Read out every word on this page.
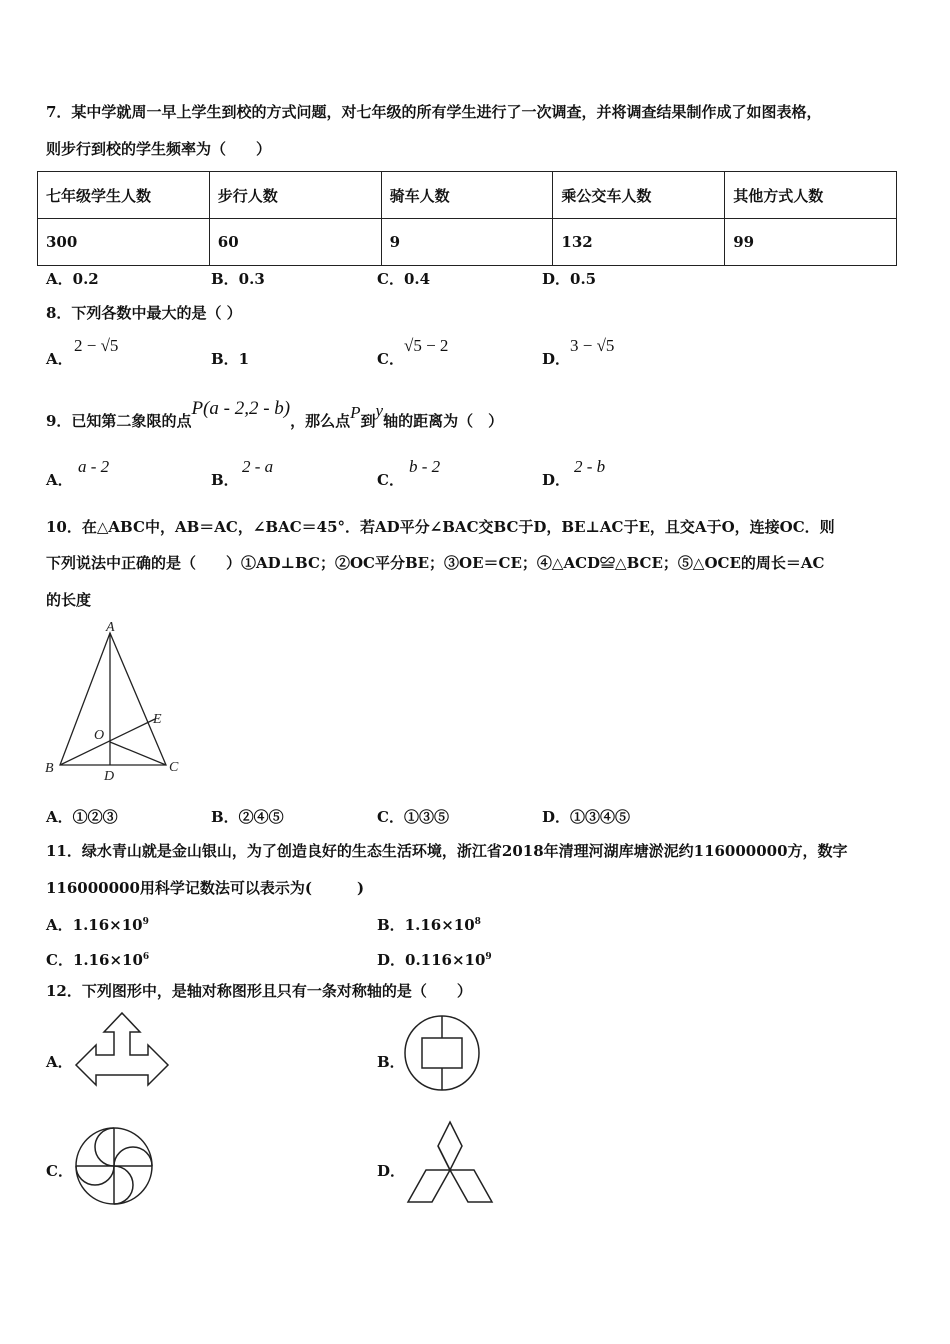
7．某中学就周一早上学生到校的方式问题，对七年级的所有学生进行了一次调查，并将调查结果制作成了如图表格，
则步行到校的学生频率为（　　）
七年级学生人数	步行人数	骑车人数	乘公交车人数	其他方式人数
300	60	9	132	99
A．0.2	B．0.3	C．0.4	D．0.5
8．下列各数中最大的是（ ）
A．
2 − √5
B．1	C．
√5 − 2
D．
3 − √5
9．已知第二象限的点P(a - 2,2 - b)，那么点P到y轴的距离为（　）
A．
a - 2
B．
2 - a
C．
b - 2
D．
2 - b
10．在△ABC中，AB＝AC，∠BAC＝45°．若AD平分∠BAC交BC于D，BE⊥AC于E，且交A于O，连接OC．则
下列说法中正确的是（　　）①AD⊥BC；②OC平分BE；③OE＝CE；④△ACD≌△BCE；⑤△OCE的周长＝AC
的长度
A
B	C
D
E
O
A．①②③	B．②④⑤	C．①③⑤	D．①③④⑤
11．绿水青山就是金山银山，为了创造良好的生态生活环境，浙江省2018年清理河湖库塘淤泥约116000000方，数字
116000000用科学记数法可以表示为(　　　)
A．$1.16\times 10^9$	B．$1.16\times 10^8$
C．$1.16\times 10^6$	D．$0.116\times 10^9$
12．下列图形中，是轴对称图形且只有一条对称轴的是（　　）
A．	B．
C．	D．
